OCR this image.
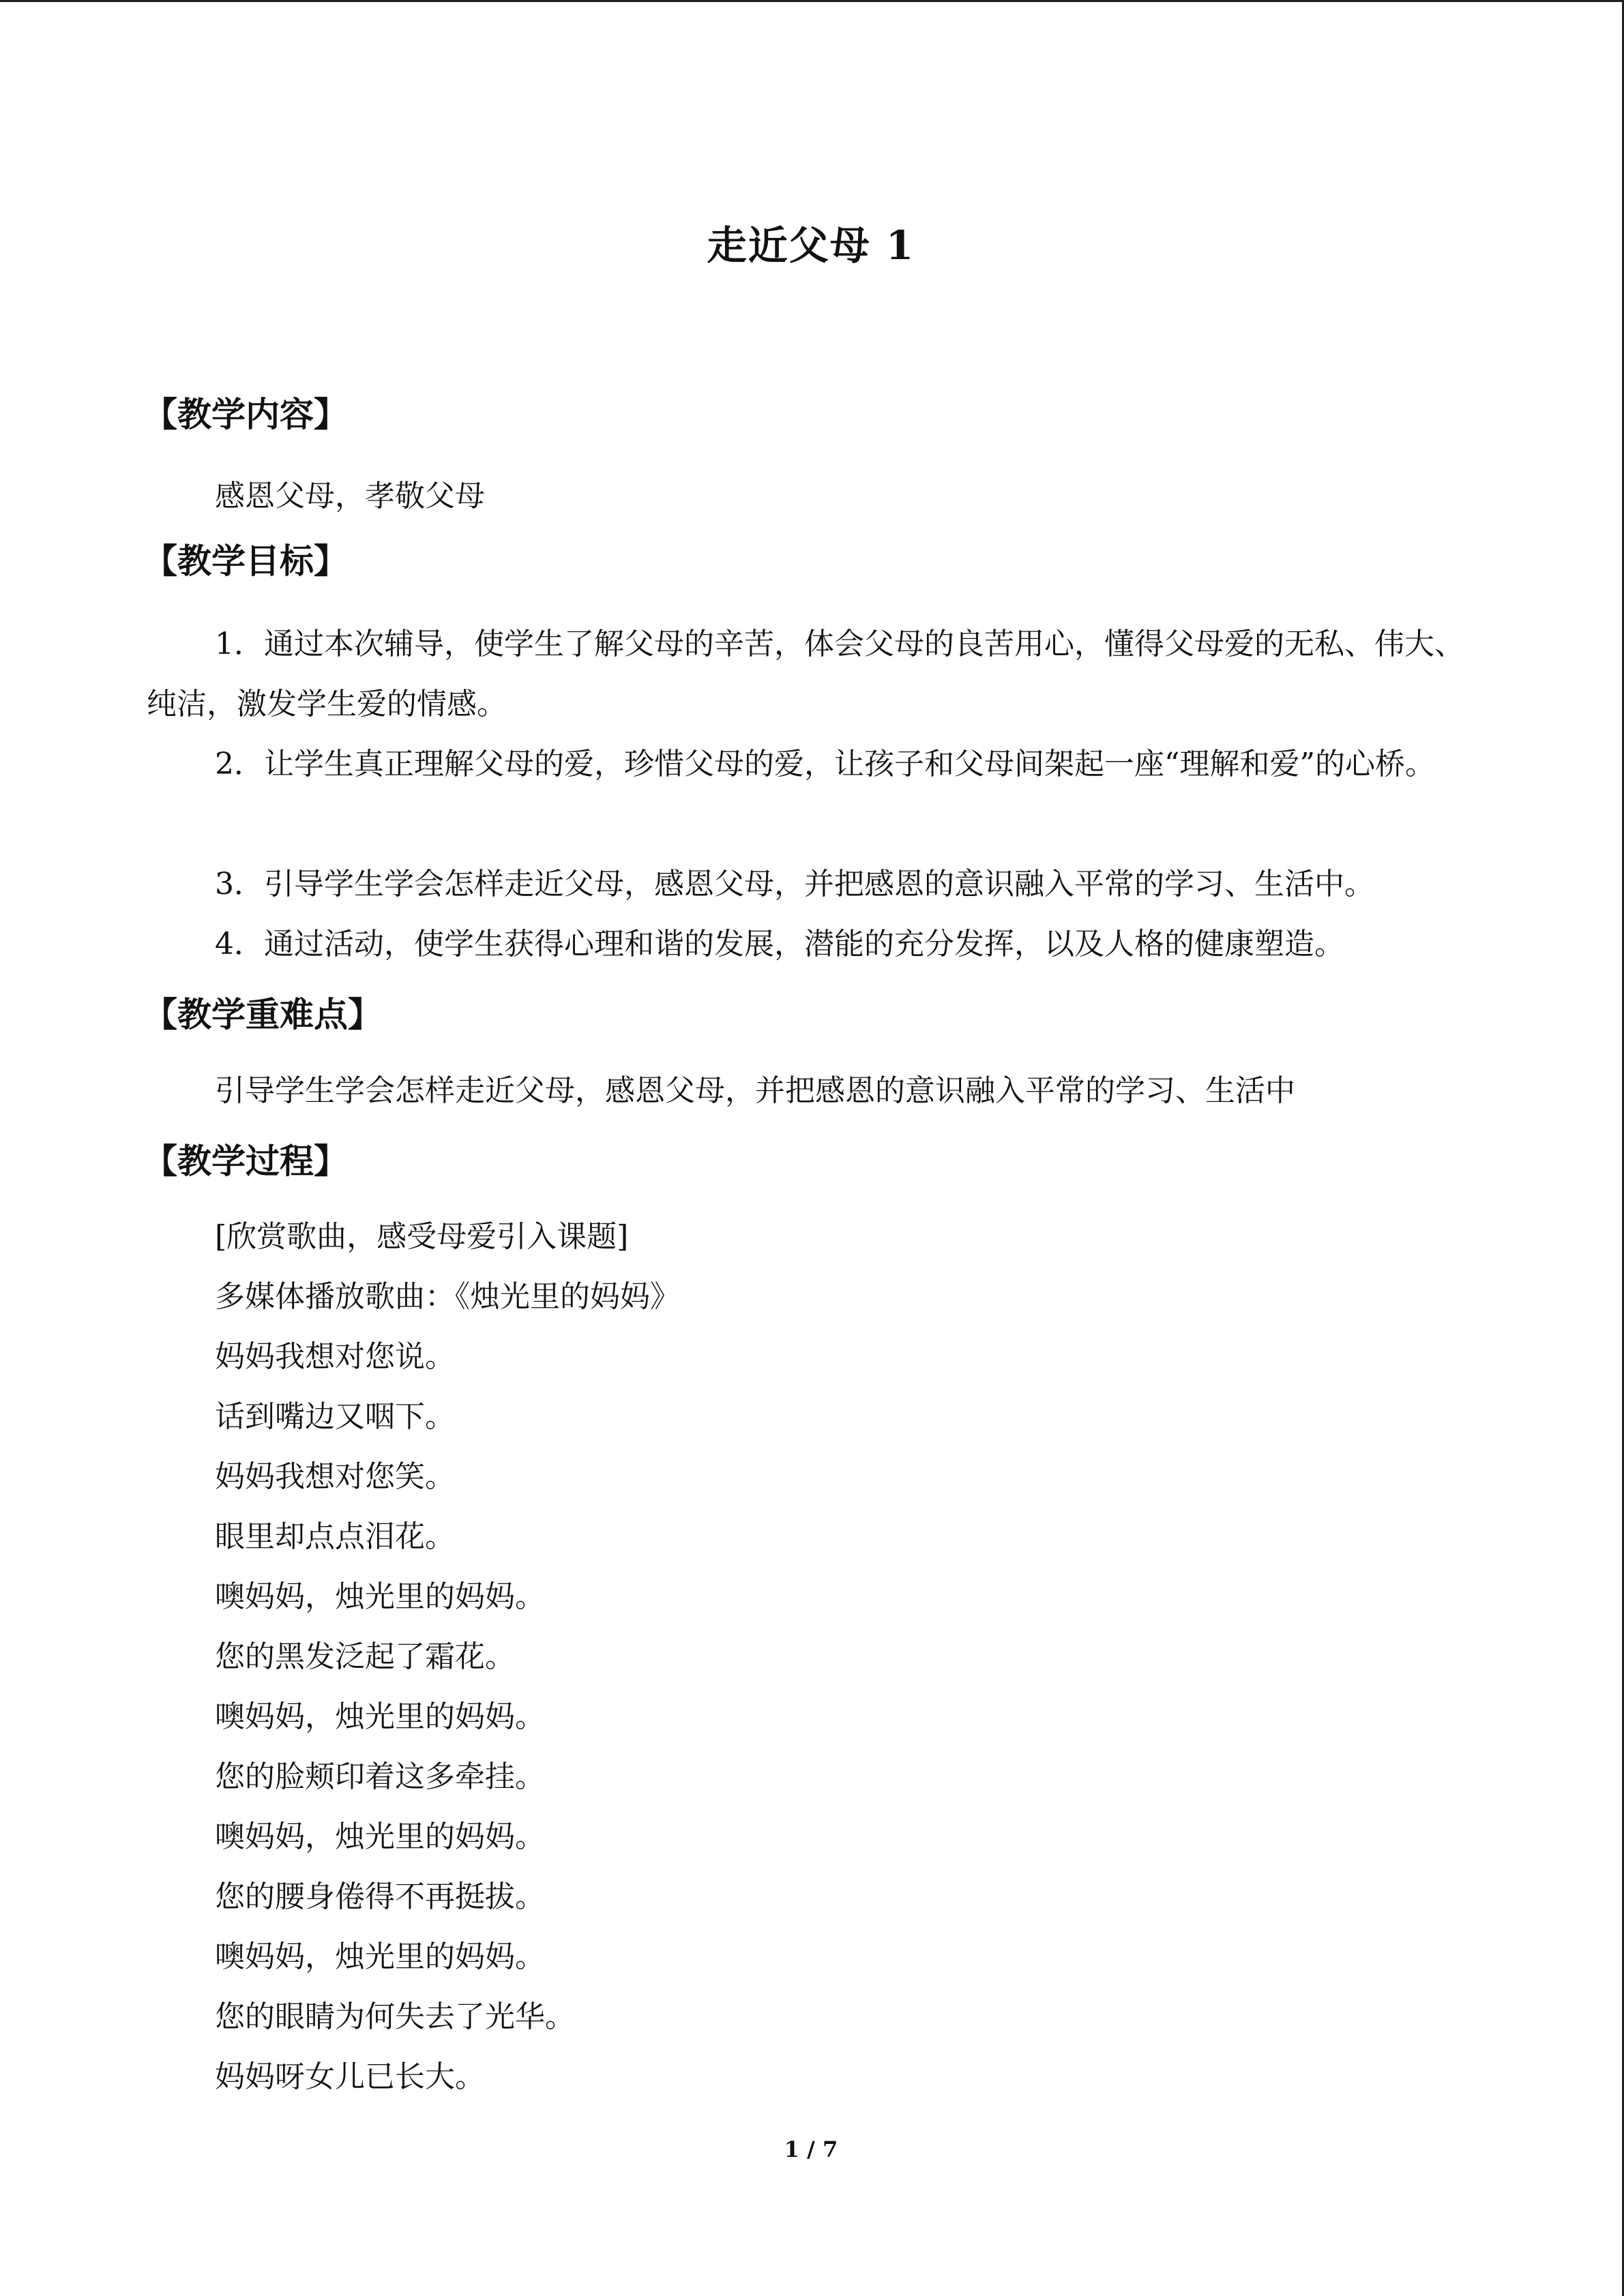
走近父母 1
【教学内容】
感恩父母，孝敬父母
【教学目标】
1．通过本次辅导，使学生了解父母的辛苦，体会父母的良苦用心，懂得父母爱的无私、伟大、纯洁，激发学生爱的情感。
2．让学生真正理解父母的爱，珍惜父母的爱，让孩子和父母间架起一座“理解和爱”的心桥。
3．引导学生学会怎样走近父母，感恩父母，并把感恩的意识融入平常的学习、生活中。
4．通过活动，使学生获得心理和谐的发展，潜能的充分发挥，以及人格的健康塑造。
【教学重难点】
引导学生学会怎样走近父母，感恩父母，并把感恩的意识融入平常的学习、生活中
【教学过程】
[欣赏歌曲，感受母爱引入课题]
多媒体播放歌曲：《烛光里的妈妈》
妈妈我想对您说。
话到嘴边又咽下。
妈妈我想对您笑。
眼里却点点泪花。
噢妈妈，烛光里的妈妈。
您的黑发泛起了霜花。
噢妈妈，烛光里的妈妈。
您的脸颊印着这多牵挂。
噢妈妈，烛光里的妈妈。
您的腰身倦得不再挺拔。
噢妈妈，烛光里的妈妈。
您的眼睛为何失去了光华。
妈妈呀女儿已长大。
1 / 7
